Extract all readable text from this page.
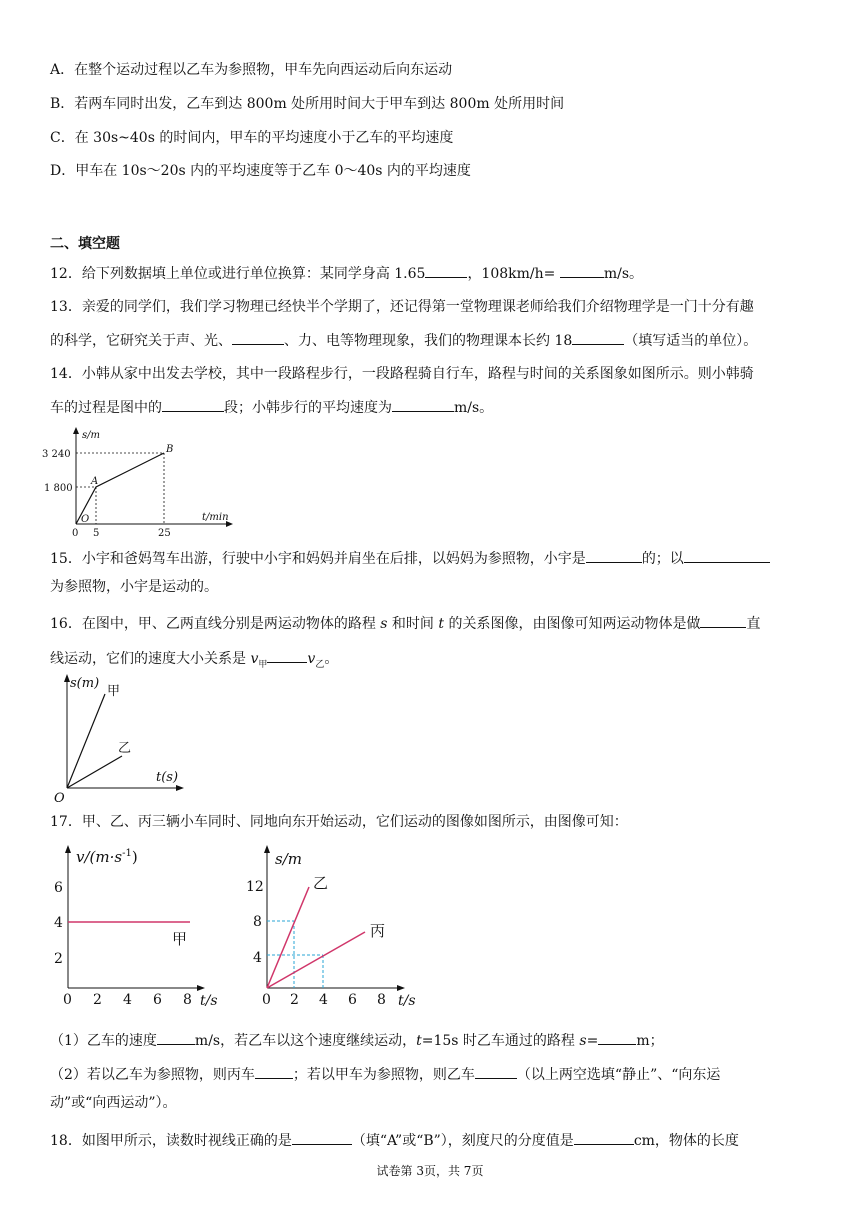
A．在整个运动过程以乙车为参照物，甲车先向西运动后向东运动
B．若两车同时出发，乙车到达 800m 处所用时间大于甲车到达 800m 处所用时间
C．在 30s~40s 的时间内，甲车的平均速度小于乙车的平均速度
D．甲车在 10s～20s 内的平均速度等于乙车 0～40s 内的平均速度
二、填空题
12．给下列数据填上单位或进行单位换算：某同学身高 1.65	，108km/h=	m/s。
13．亲爱的同学们，我们学习物理已经快半个学期了，还记得第一堂物理课老师给我们介绍物理学是一门十分有趣
的科学，它研究关于声、光、	、力、电等物理现象，我们的物理课本长约 18	（填写适当的单位）。
14．小韩从家中出发去学校，其中一段路程步行，一段路程骑自行车，路程与时间的关系图象如图所示。则小韩骑
车的过程是图中的	段；小韩步行的平均速度为	m/s。
s/m
t/min
3 240
1 800
0 5	25
A
B
O
15．小宇和爸妈驾车出游，行驶中小宇和妈妈并肩坐在后排，以妈妈为参照物，小宇是	的；以
为参照物，小宇是运动的。
16．在图中，甲、乙两直线分别是两运动物体的路程 s 和时间 t 的关系图像，由图像可知两运动物体是做	直
线运动，它们的速度大小关系是 $v_甲$	$v_乙$。
s(m)
t(s)
O
甲
乙
17．甲、乙、丙三辆小车同时、同地向东开始运动，它们运动的图像如图所示，由图像可知：
$v/(m\cdot s^{-1})$
0 2 4 6 8 t/s
2
4
6
甲
s/m
0 2 4 6 8 t/s
4
8
12	乙
丙
（1）乙车的速度	m/s，若乙车以这个速度继续运动，t=15s 时乙车通过的路程 s=	m；
（2）若以乙车为参照物，则丙车	；若以甲车为参照物，则乙车	（以上两空选填“静止”、“向东运
动”或“向西运动”）。
18．如图甲所示，读数时视线正确的是	（填“A”或“B”），刻度尺的分度值是	cm，物体的长度
试卷第 3页，共 7页
